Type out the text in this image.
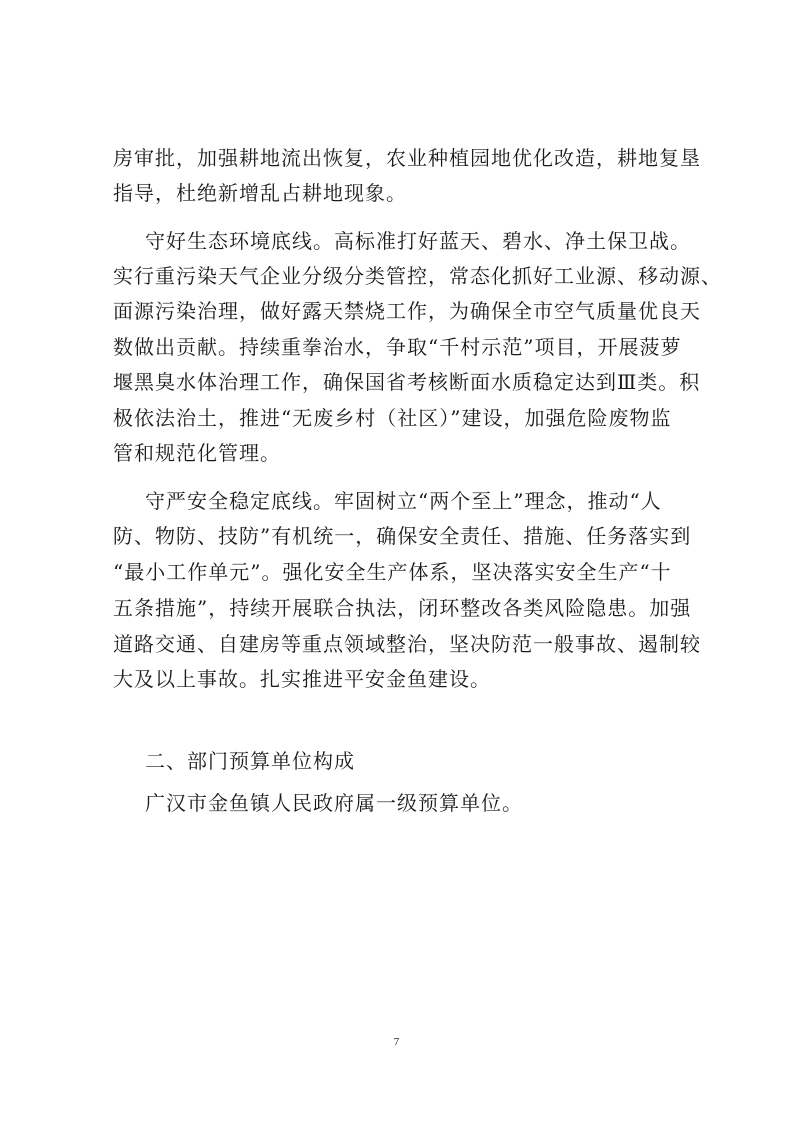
房审批，加强耕地流出恢复，农业种植园地优化改造，耕地复垦
指导，杜绝新增乱占耕地现象。
守好生态环境底线。高标准打好蓝天、碧水、净土保卫战。
实行重污染天气企业分级分类管控，常态化抓好工业源、移动源、
面源污染治理，做好露天禁烧工作，为确保全市空气质量优良天
数做出贡献。持续重拳治水，争取“千村示范”项目，开展菠萝
堰黑臭水体治理工作，确保国省考核断面水质稳定达到Ⅲ类。积
极依法治土，推进“无废乡村（社区）”建设，加强危险废物监
管和规范化管理。
守严安全稳定底线。牢固树立“两个至上”理念，推动“人
防、物防、技防”有机统一，确保安全责任、措施、任务落实到
“最小工作单元”。强化安全生产体系，坚决落实安全生产“十
五条措施”，持续开展联合执法，闭环整改各类风险隐患。加强
道路交通、自建房等重点领域整治，坚决防范一般事故、遏制较
大及以上事故。扎实推进平安金鱼建设。
二、部门预算单位构成
广汉市金鱼镇人民政府属一级预算单位。
7
